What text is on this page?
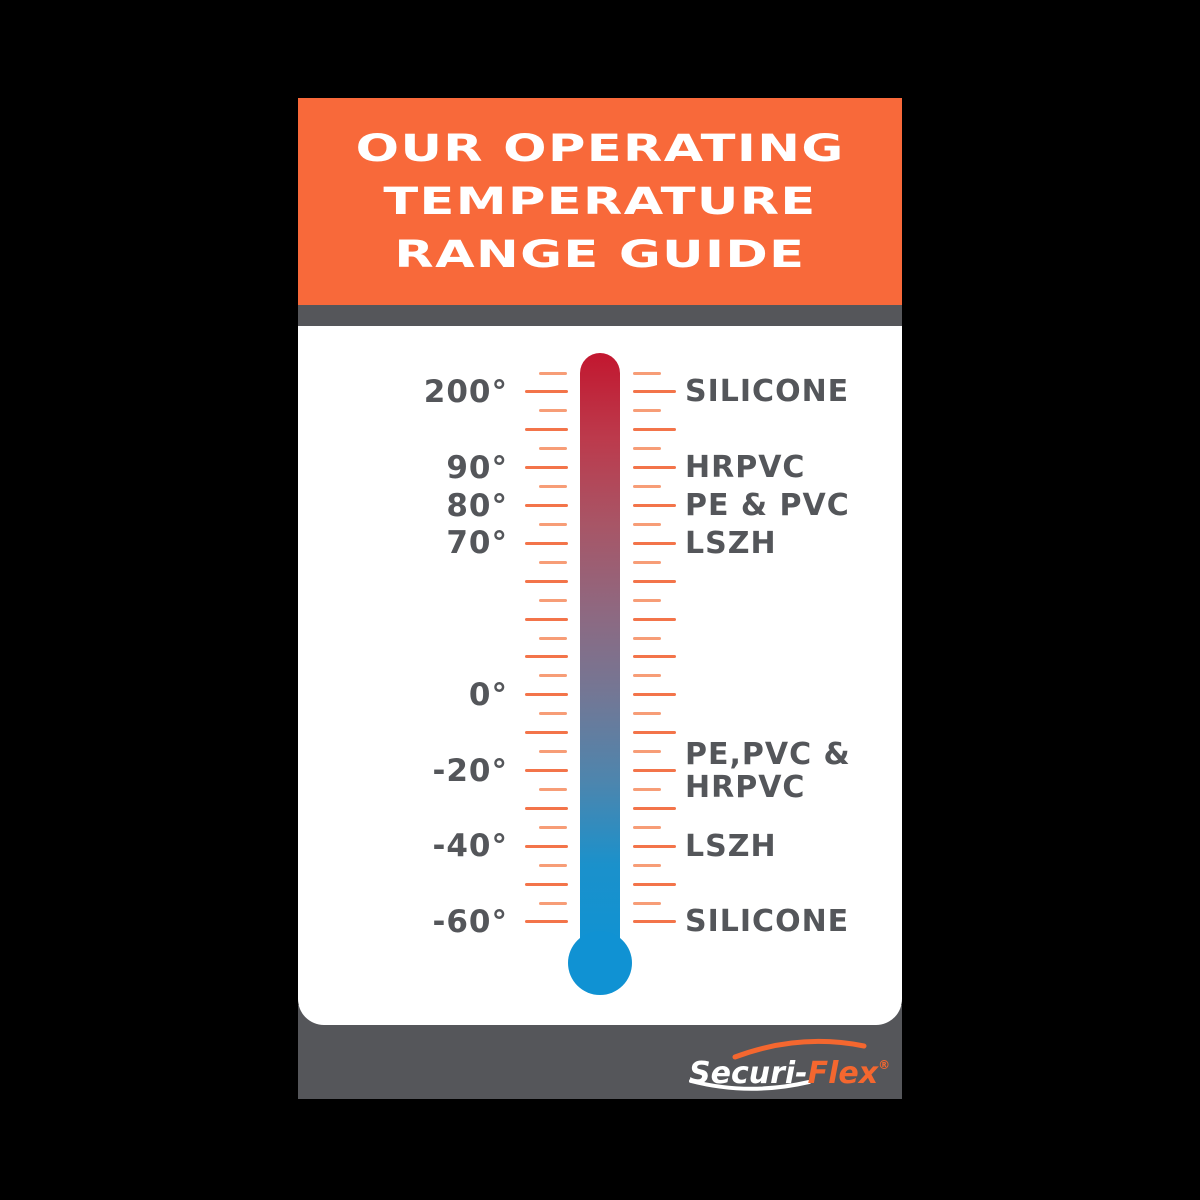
OUR OPERATING
TEMPERATURE
RANGE GUIDE
Securi-Flex®
200°
90°
80°
70°
0°
-20°
-40°
-60°
SILICONE
HRPVC
PE & PVC
LSZH
PE,PVC &
HRPVC
LSZH
SILICONE
